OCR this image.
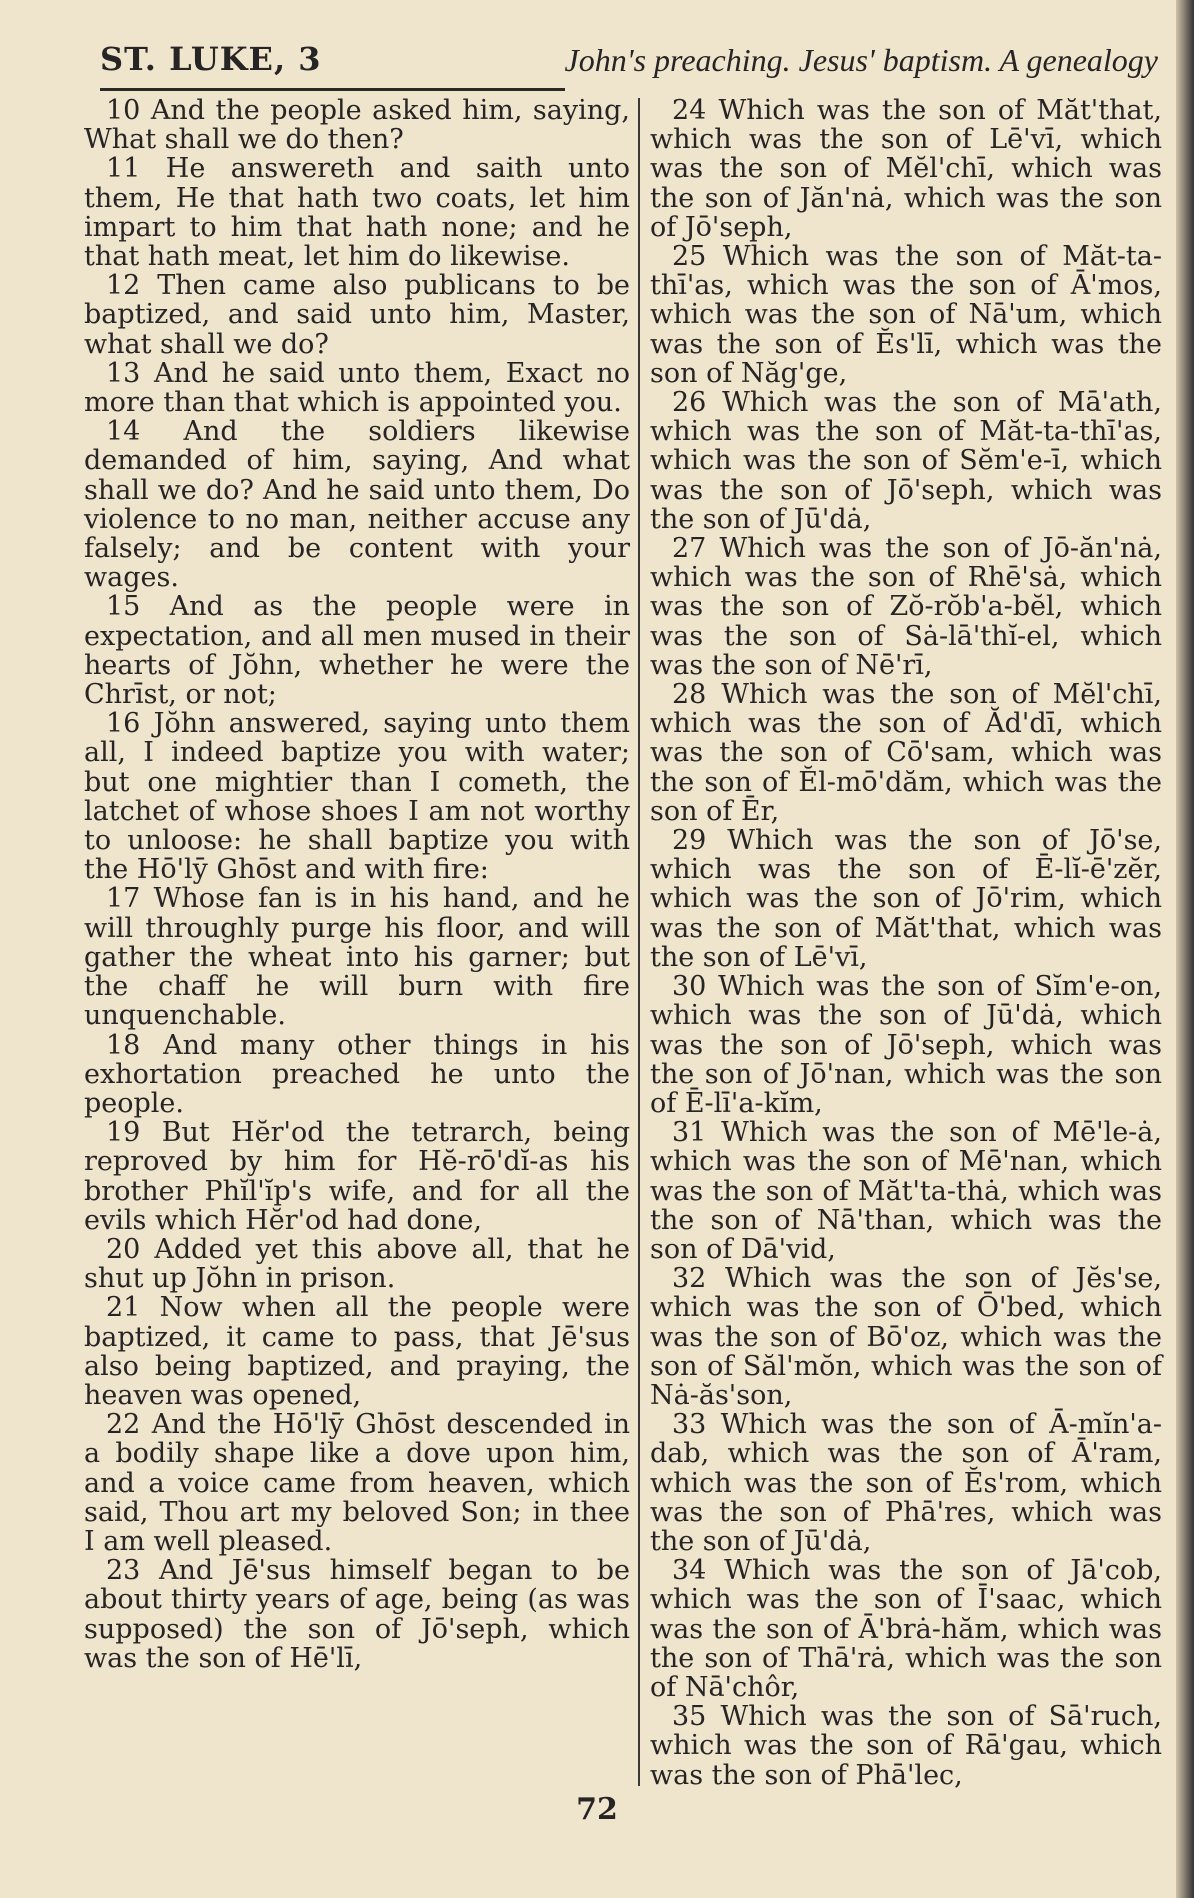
ST. LUKE, 3	John's preaching. Jesus' baptism. A genealogy

10 And the people asked him, saying, What shall we do then?

11 He answereth and saith unto them, He that hath two coats, let him impart to him that hath none; and he that hath meat, let him do likewise.

12 Then came also publicans to be baptized, and said unto him, Master, what shall we do?

13 And he said unto them, Exact no more than that which is appointed you.

14 And the soldiers likewise demanded of him, saying, And what shall we do? And he said unto them, Do violence to no man, neither accuse any falsely; and be content with your wages.

15 And as the people were in expectation, and all men mused in their hearts of Jŏhn, whether he were the Chrīst, or not;

16 Jŏhn answered, saying unto them all, I indeed baptize you with water; but one mightier than I cometh, the latchet of whose shoes I am not worthy to unloose: he shall baptize you with the Hō'lȳ Ghōst and with fire:

17 Whose fan is in his hand, and he will throughly purge his floor, and will gather the wheat into his garner; but the chaff he will burn with fire unquenchable.

18 And many other things in his exhortation preached he unto the people.

19 But Hĕr'od the tetrarch, being reproved by him for Hĕ-rō'dĭ-as his brother Phĭl'ĭp's wife, and for all the evils which Hĕr'od had done,

20 Added yet this above all, that he shut up Jŏhn in prison.

21 Now when all the people were baptized, it came to pass, that Jē'sus also being baptized, and praying, the heaven was opened,

22 And the Hō'lȳ Ghōst descended in a bodily shape like a dove upon him, and a voice came from heaven, which said, Thou art my beloved Son; in thee I am well pleased.

23 And Jē'sus himself began to be about thirty years of age, being (as was supposed) the son of Jō'seph, which was the son of Hē'lī,

24 Which was the son of Măt'that, which was the son of Lē'vī, which was the son of Mĕl'chī, which was the son of Jăn'nȧ, which was the son of Jō'seph,

25 Which was the son of Măt-ta-thī'as, which was the son of Ā'mos, which was the son of Nā'um, which was the son of Ĕs'lī, which was the son of Năg'ge,

26 Which was the son of Mā'ath, which was the son of Măt-ta-thī'as, which was the son of Sĕm'e-ī, which was the son of Jō'seph, which was the son of Jū'dȧ,

27 Which was the son of Jō-ăn'nȧ, which was the son of Rhē'sȧ, which was the son of Zŏ-rŏb'a-bĕl, which was the son of Sȧ-lā'thĭ-el, which was the son of Nē'rī,

28 Which was the son of Mĕl'chī, which was the son of Ăd'dī, which was the son of Cō'sam, which was the son of Ĕl-mō'dăm, which was the son of Ēr,

29 Which was the son of Jō'se, which was the son of Ē-lĭ-ē'zĕr, which was the son of Jō'rim, which was the son of Măt'that, which was the son of Lē'vī,

30 Which was the son of Sĭm'e-on, which was the son of Jū'dȧ, which was the son of Jō'seph, which was the son of Jō'nan, which was the son of Ē-lī'a-kĭm,

31 Which was the son of Mē'le-ȧ, which was the son of Mē'nan, which was the son of Măt'ta-thȧ, which was the son of Nā'than, which was the son of Dā'vid,

32 Which was the son of Jĕs'se, which was the son of Ō'bed, which was the son of Bō'oz, which was the son of Săl'mŏn, which was the son of Nȧ-ăs'son,

33 Which was the son of Ā-mĭn'a-dab, which was the son of Ā'ram, which was the son of Ĕs'rom, which was the son of Phā'res, which was the son of Jū'dȧ,

34 Which was the son of Jā'cob, which was the son of Ī'saac, which was the son of Ā'brȧ-hăm, which was the son of Thā'rȧ, which was the son of Nā'chôr,

35 Which was the son of Sā'ruch, which was the son of Rā'gau, which was the son of Phā'lec,

72
